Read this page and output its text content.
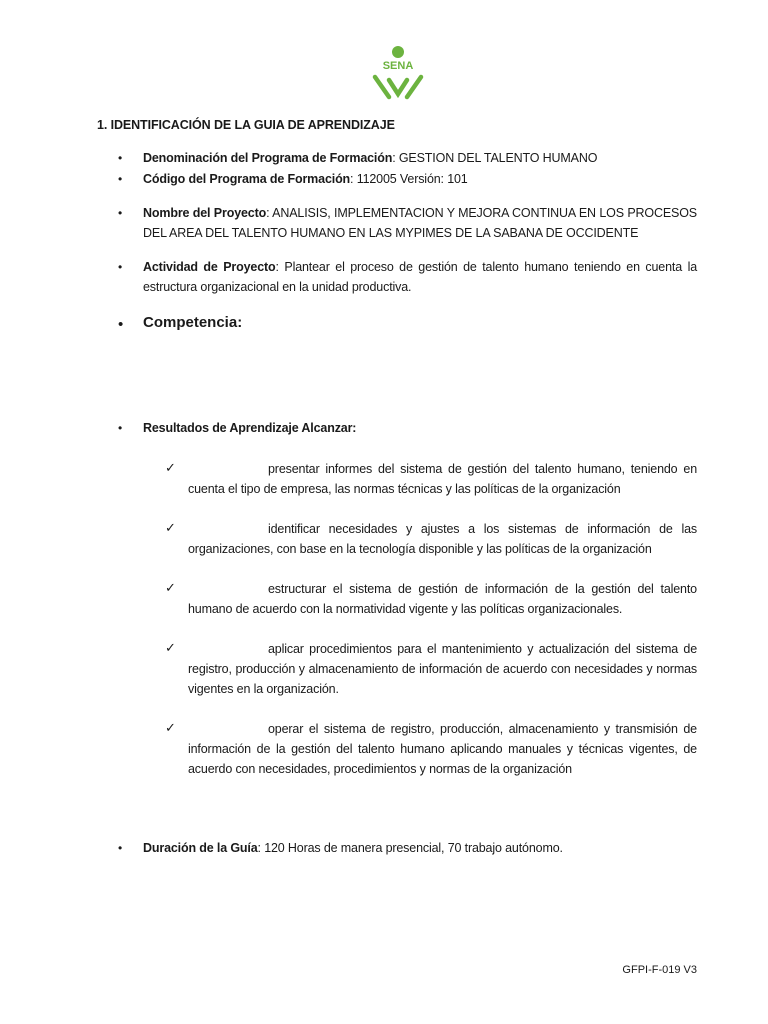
SENA
1. IDENTIFICACIÓN DE LA GUIA DE APRENDIZAJE
• Denominación del Programa de Formación: GESTION DEL TALENTO HUMANO
• Código del Programa de Formación: 112005 Versión: 101
• Nombre del Proyecto: ANALISIS, IMPLEMENTACION Y MEJORA CONTINUA EN LOS PROCESOS DEL AREA DEL TALENTO HUMANO EN LAS MYPIMES DE LA SABANA DE OCCIDENTE
• Actividad de Proyecto: Plantear el proceso de gestión de talento humano teniendo en cuenta la estructura organizacional en la unidad productiva.
• Competencia:
• Resultados de Aprendizaje Alcanzar:
✓	presentar informes del sistema de gestión del talento humano, teniendo en cuenta el tipo de empresa, las normas técnicas y las políticas de la organización
✓	identificar necesidades y ajustes a los sistemas de información de las organizaciones, con base en la tecnología disponible y las políticas de la organización
✓	estructurar el sistema de gestión de información de la gestión del talento humano de acuerdo con la normatividad vigente y las políticas organizacionales.
✓	aplicar procedimientos para el mantenimiento y actualización del sistema de registro, producción y almacenamiento de información de acuerdo con necesidades y normas vigentes en la organización.
✓	operar el sistema de registro, producción, almacenamiento y transmisión de información de la gestión del talento humano aplicando manuales y técnicas vigentes, de acuerdo con necesidades, procedimientos y normas de la organización
• Duración de la Guía: 120 Horas de manera presencial, 70 trabajo autónomo.
GFPI-F-019 V3
